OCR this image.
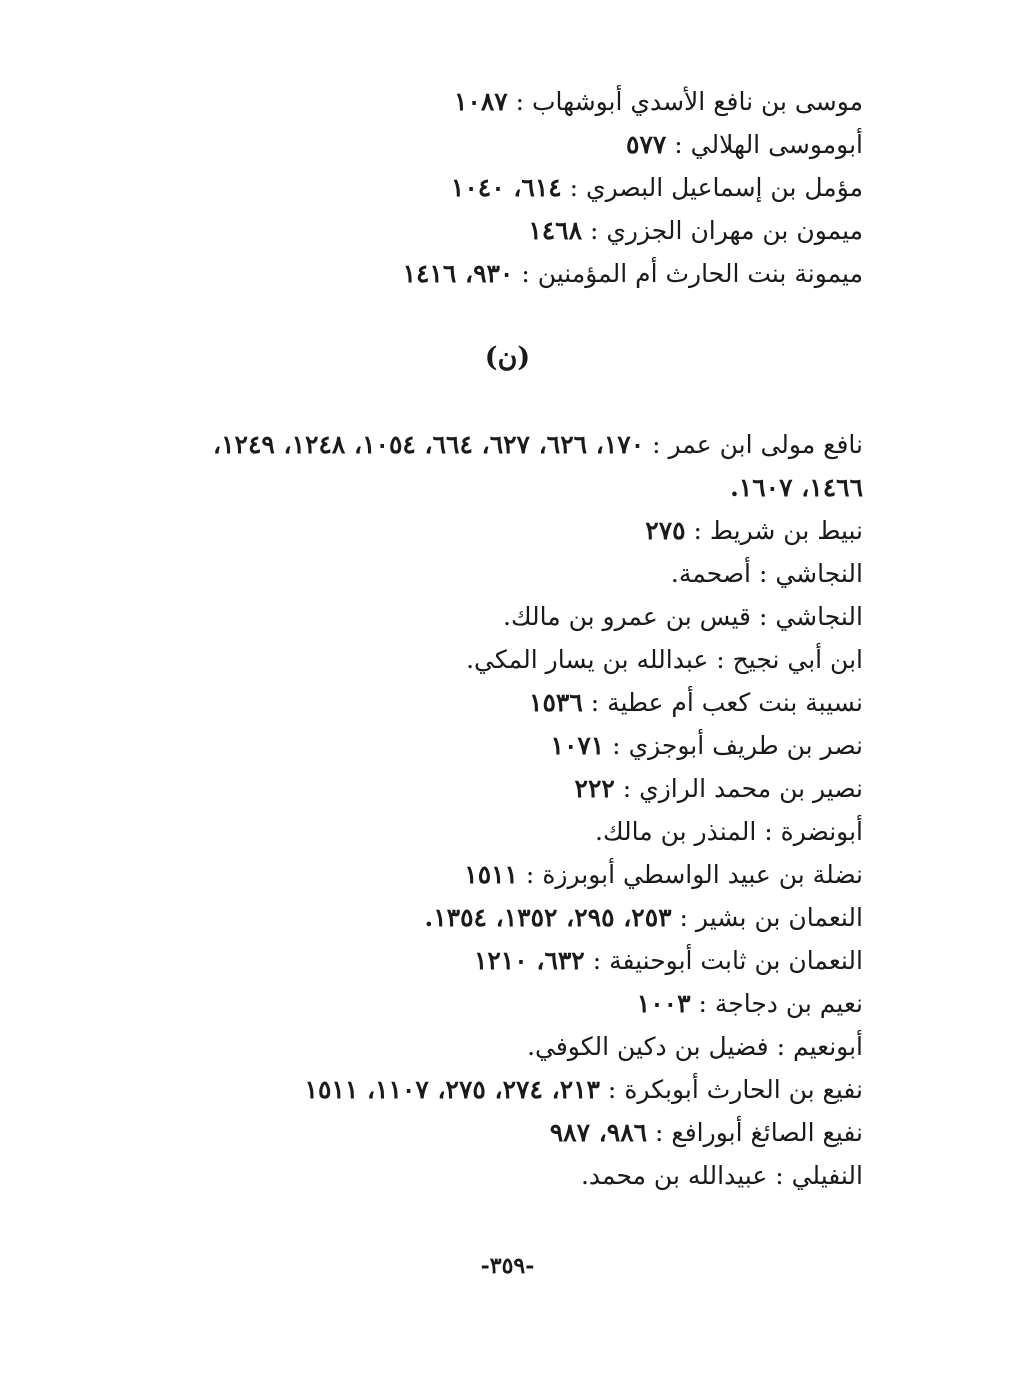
موسى بن نافع الأسدي أبوشهاب : ١٠٨٧
أبوموسى الهلالي : ٥٧٧
مؤمل بن إسماعيل البصري : ٦١٤، ١٠٤٠
ميمون بن مهران الجزري : ١٤٦٨
ميمونة بنت الحارث أم المؤمنين : ٩٣٠، ١٤١٦
(ن)
نافع مولى ابن عمر : ١٧٠، ٦٢٦، ٦٢٧، ٦٦٤، ١٠٥٤، ١٢٤٨، ١٢٤٩،
١٤٦٦، ١٦٠٧.
نبيط بن شريط : ٢٧٥
النجاشي : أصحمة.
النجاشي : قيس بن عمرو بن مالك.
ابن أبي نجيح : عبدالله بن يسار المكي.
نسيبة بنت كعب أم عطية : ١٥٣٦
نصر بن طريف أبوجزي : ١٠٧١
نصير بن محمد الرازي : ٢٢٢
أبونضرة : المنذر بن مالك.
نضلة بن عبيد الواسطي أبوبرزة : ١٥١١
النعمان بن بشير : ٢٥٣، ٢٩٥، ١٣٥٢، ١٣٥٤.
النعمان بن ثابت أبوحنيفة : ٦٣٢، ١٢١٠
نعيم بن دجاجة : ١٠٠٣
أبونعيم : فضيل بن دكين الكوفي.
نفيع بن الحارث أبوبكرة : ٢١٣، ٢٧٤، ٢٧٥، ١١٠٧، ١٥١١
نفيع الصائغ أبورافع : ٩٨٦، ٩٨٧
النفيلي : عبيدالله بن محمد.
-٣٥٩-
